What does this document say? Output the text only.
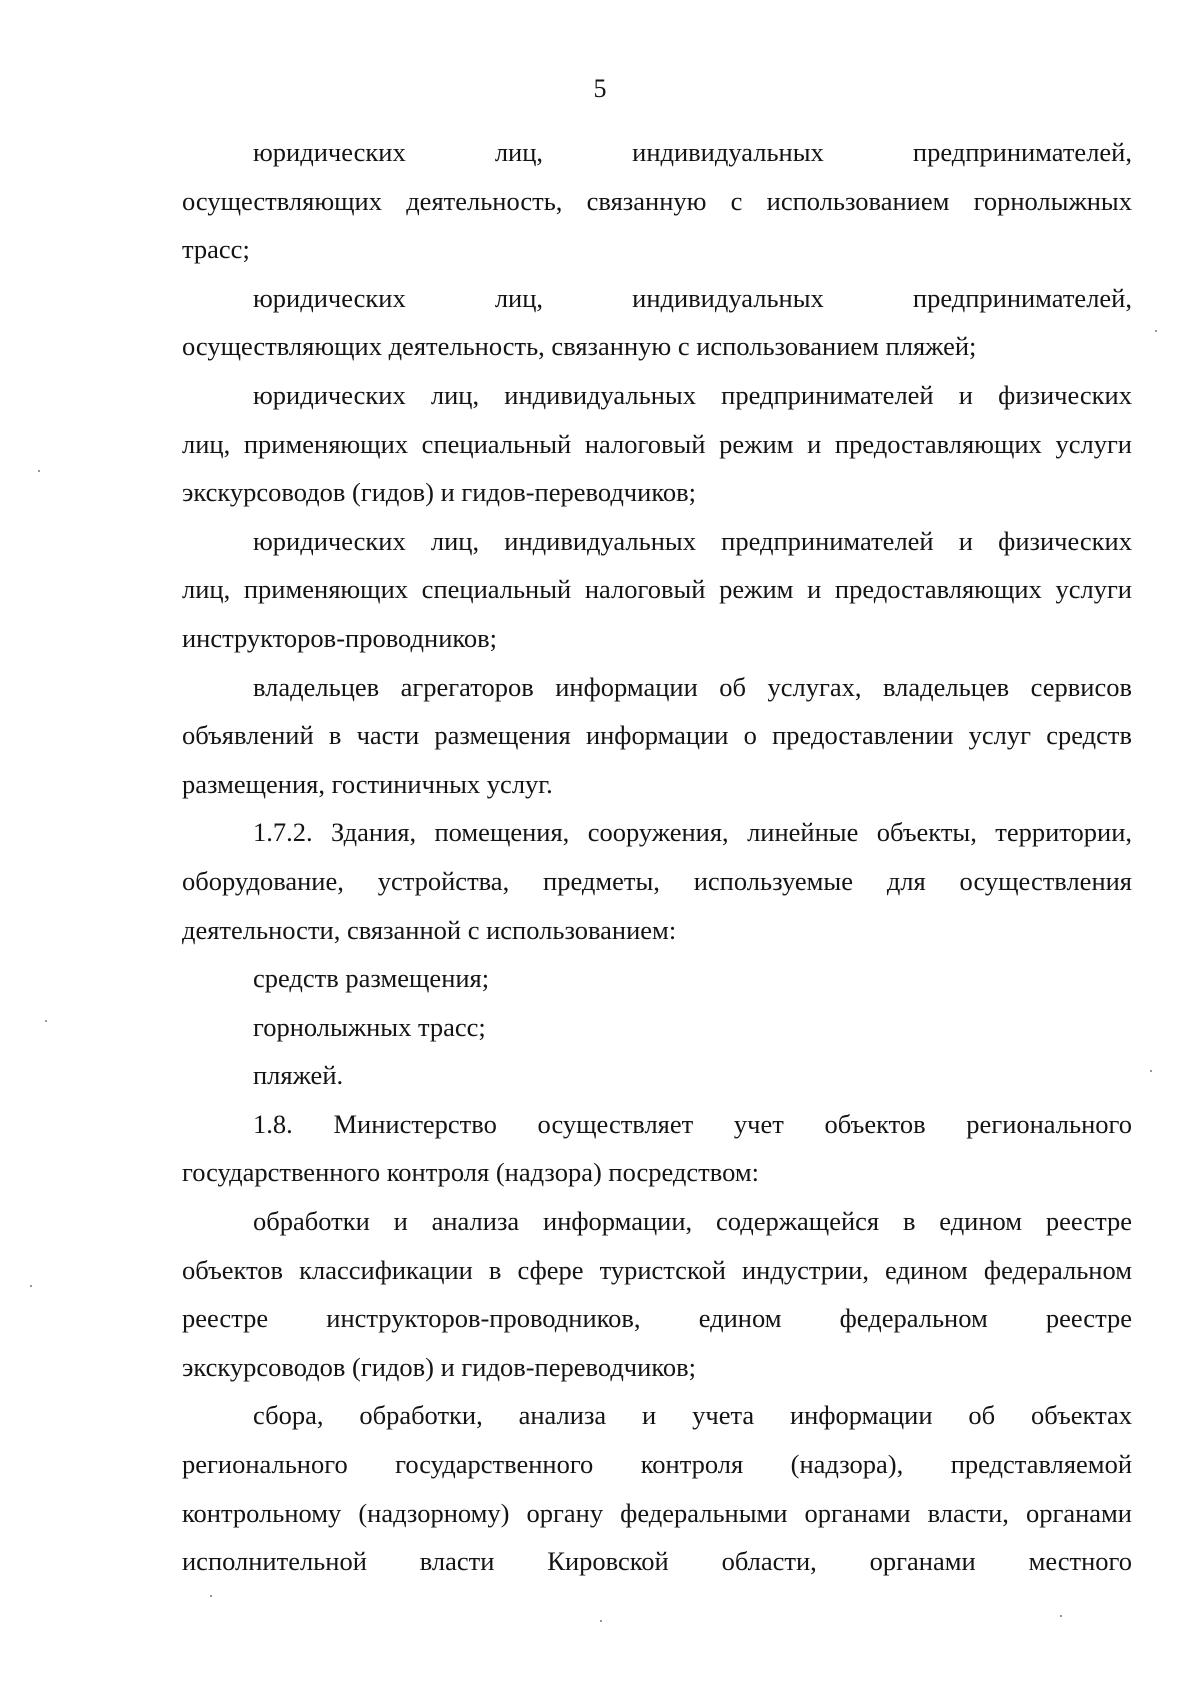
5
юридических лиц, индивидуальных предпринимателей,
осуществляющих деятельность, связанную с использованием горнолыжных
трасс;
юридических лиц, индивидуальных предпринимателей,
осуществляющих деятельность, связанную с использованием пляжей;
юридических лиц, индивидуальных предпринимателей и физических
лиц, применяющих специальный налоговый режим и предоставляющих услуги
экскурсоводов (гидов) и гидов-переводчиков;
юридических лиц, индивидуальных предпринимателей и физических
лиц, применяющих специальный налоговый режим и предоставляющих услуги
инструкторов-проводников;
владельцев агрегаторов информации об услугах, владельцев сервисов
объявлений в части размещения информации о предоставлении услуг средств
размещения, гостиничных услуг.
1.7.2. Здания, помещения, сооружения, линейные объекты, территории,
оборудование, устройства, предметы, используемые для осуществления
деятельности, связанной с использованием:
средств размещения;
горнолыжных трасс;
пляжей.
1.8. Министерство осуществляет учет объектов регионального
государственного контроля (надзора) посредством:
обработки и анализа информации, содержащейся в едином реестре
объектов классификации в сфере туристской индустрии, едином федеральном
реестре инструкторов-проводников, едином федеральном реестре
экскурсоводов (гидов) и гидов-переводчиков;
сбора, обработки, анализа и учета информации об объектах
регионального государственного контроля (надзора), представляемой
контрольному (надзорному) органу федеральными органами власти, органами
исполнительной власти Кировской области, органами местного
